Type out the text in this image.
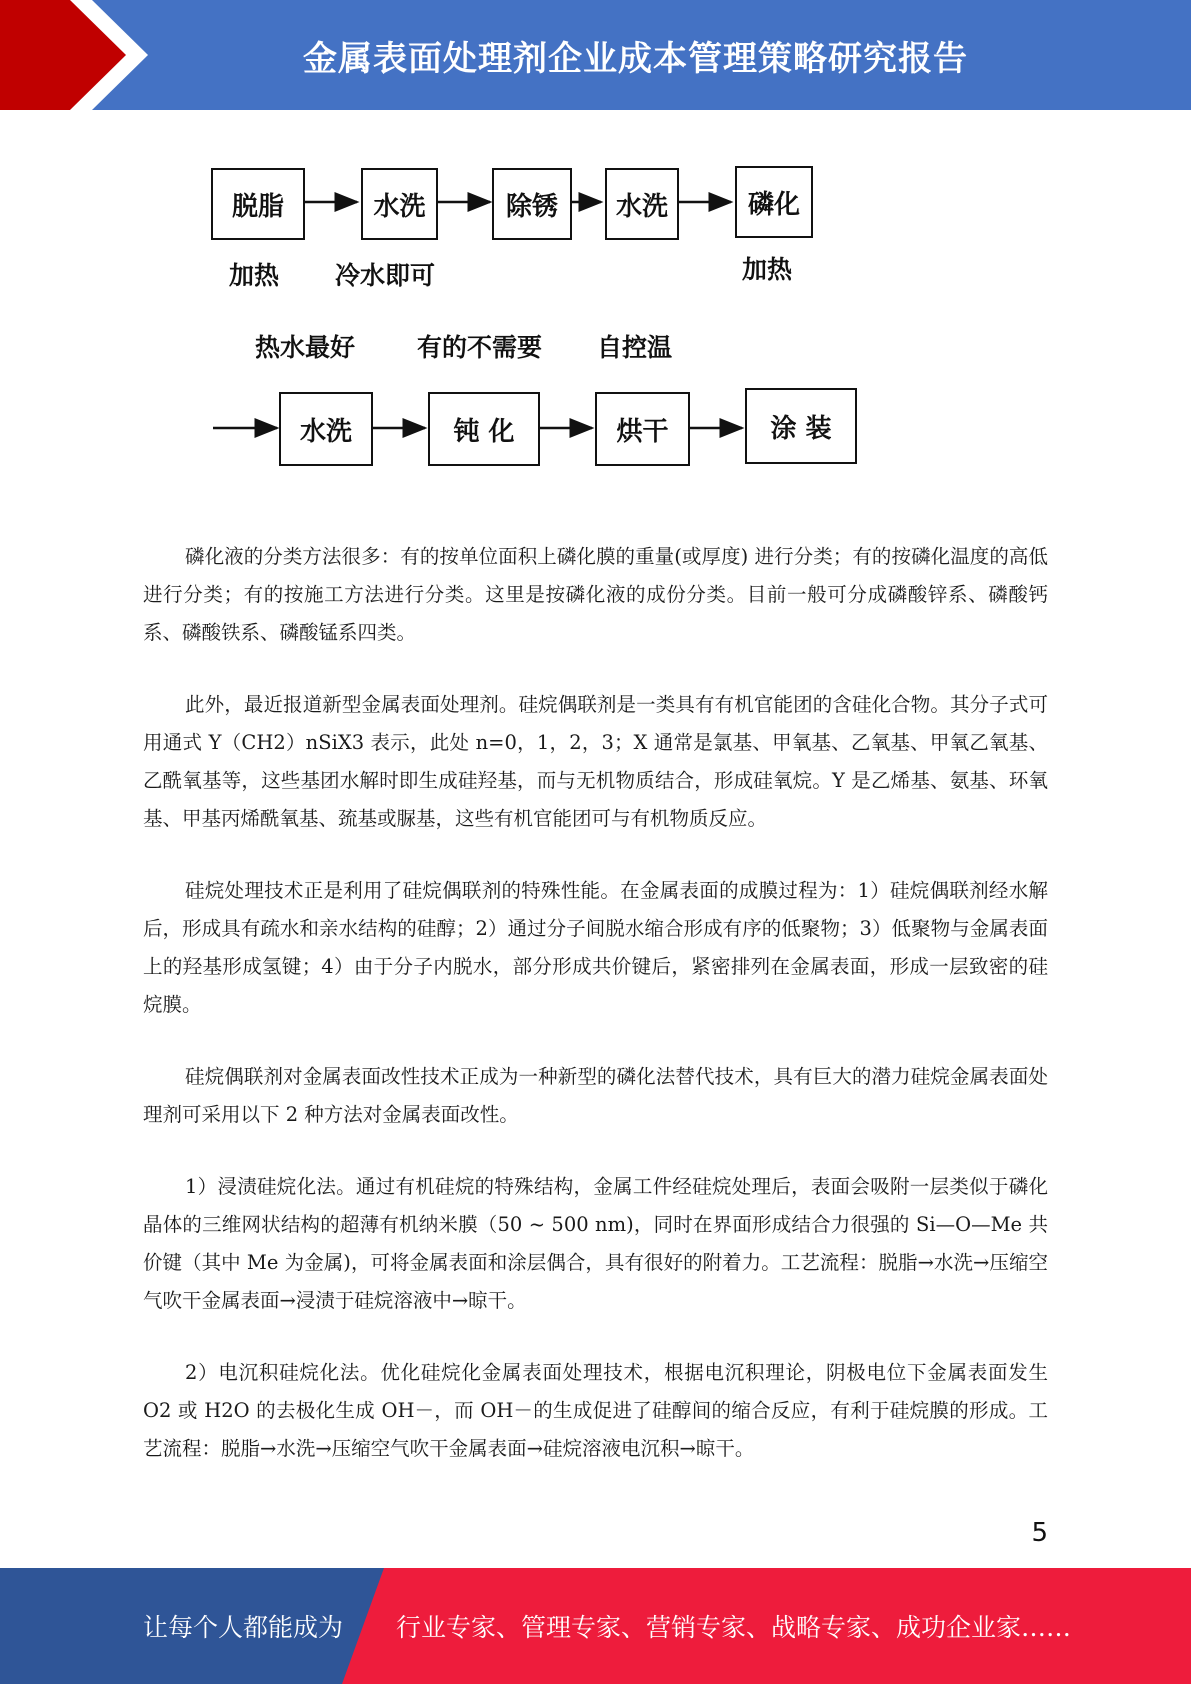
金属表面处理剂企业成本管理策略研究报告
脱脂	水洗	除锈	水洗	磷化
加热 冷水即可	加热
热水最好 有的不需要 自控温
水洗	钝 化	烘干	涂 装

磷化液的分类方法很多：有的按单位面积上磷化膜的重量(或厚度) 进行分类；有的按磷化温度的高低进行分类；有的按施工方法进行分类。这里是按磷化液的成份分类。目前一般可分成磷酸锌系、磷酸钙系、磷酸铁系、磷酸锰系四类。

此外，最近报道新型金属表面处理剂。硅烷偶联剂是一类具有有机官能团的含硅化合物。其分子式可用通式 Y（CH2）nSiX3 表示，此处 n=0，1，2，3；X 通常是氯基、甲氧基、乙氧基、甲氧乙氧基、乙酰氧基等，这些基团水解时即生成硅羟基，而与无机物质结合，形成硅氧烷。Y 是乙烯基、氨基、环氧基、甲基丙烯酰氧基、巯基或脲基，这些有机官能团可与有机物质反应。

硅烷处理技术正是利用了硅烷偶联剂的特殊性能。在金属表面的成膜过程为：1）硅烷偶联剂经水解后，形成具有疏水和亲水结构的硅醇；2）通过分子间脱水缩合形成有序的低聚物；3）低聚物与金属表面上的羟基形成氢键；4）由于分子内脱水，部分形成共价键后，紧密排列在金属表面，形成一层致密的硅烷膜。

硅烷偶联剂对金属表面改性技术正成为一种新型的磷化法替代技术，具有巨大的潜力硅烷金属表面处理剂可采用以下 2 种方法对金属表面改性。

1）浸渍硅烷化法。通过有机硅烷的特殊结构，金属工件经硅烷处理后，表面会吸附一层类似于磷化晶体的三维网状结构的超薄有机纳米膜（50 ~ 500 nm)，同时在界面形成结合力很强的 Si—O—Me 共价键（其中 Me 为金属)，可将金属表面和涂层偶合，具有很好的附着力。工艺流程：脱脂→水洗→压缩空气吹干金属表面→浸渍于硅烷溶液中→晾干。

2）电沉积硅烷化法。优化硅烷化金属表面处理技术，根据电沉积理论，阴极电位下金属表面发生 O2 或 H2O 的去极化生成 OH－，而 OH－的生成促进了硅醇间的缩合反应，有利于硅烷膜的形成。工艺流程：脱脂→水洗→压缩空气吹干金属表面→硅烷溶液电沉积→晾干。

5
让每个人都能成为 行业专家、管理专家、营销专家、战略专家、成功企业家……
